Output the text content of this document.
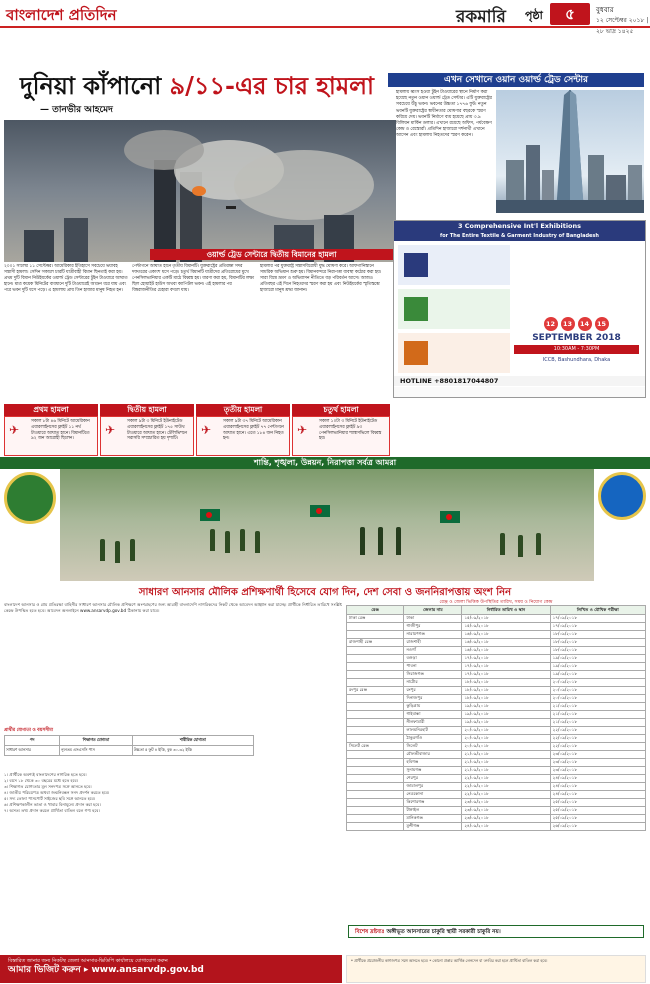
বাংলাদেশ প্রতিদিন	রকমারি পৃষ্ঠা	৫	বুধবার
১২ সেপ্টেম্বর ২০১৮ | ২৮ ভাদ্র ১৪২৫
দুনিয়া কাঁপানো ৯/১১-এর চার হামলা
— তানভীর আহমেদ
এখন সেখানে ওয়ান ওয়ার্ল্ড ট্রেড সেন্টার
হামলায় ধ্বংস হওয়া টুইন টাওয়ারের স্থানে নির্মাণ করা হয়েছে নতুন ওয়ান ওয়ার্ল্ড ট্রেড সেন্টার। এটি যুক্তরাষ্ট্রের সবচেয়ে উঁচু ভবন। ভবনের উচ্চতা ১৭৭৬ ফুট। নতুন ভবনটি যুক্তরাষ্ট্রের স্বাধীনতার ঘোষণার বছরকে স্মরণ করিয়ে দেয়। ভবনটি নির্মাণে ব্যয় হয়েছে প্রায় ৩.৯ বিলিয়ন মার্কিন ডলার। এখানে রয়েছে অফিস, পর্যবেক্ষণ কেন্দ্র ও রেস্তোরাঁ। প্রতিদিন হাজারো দর্শনার্থী এখানে আসেন এবং হামলায় নিহতদের স্মরণ করেন।
ওয়ার্ল্ড ট্রেড সেন্টারে দ্বিতীয় বিমানের হামলা
২০০১ সালের ১১ সেপ্টেম্বর। আমেরিকার ইতিহাসে সবচেয়ে ভয়াবহ সন্ত্রাসী হামলা। সেদিন সকালে চারটি যাত্রীবাহী বিমান ছিনতাই করা হয়। প্রথম দুটি বিমান নিউইয়র্কের ওয়ার্ল্ড ট্রেড সেন্টারের টুইন টাওয়ারে আঘাত হানে। মাত্র কয়েক মিনিটের ব্যবধানে দুটি টাওয়ারেই আগুন ধরে যায় এবং পরে ভবন দুটি ধসে পড়ে। এ হামলায় প্রায় তিন হাজার মানুষ নিহত হন।
পেন্টাগনে আঘাত হানে তৃতীয় বিমানটি। যুক্তরাষ্ট্রের প্রতিরক্ষা সদর দফতরের একাংশ ধসে পড়ে। চতুর্থ বিমানটি যাত্রীদের প্রতিরোধের মুখে পেনসিলভানিয়ার একটি মাঠে বিধ্বস্ত হয়। ধারণা করা হয়, বিমানটির লক্ষ্য ছিল হোয়াইট হাউস অথবা ক্যাপিটল ভবন। এই হামলার পর বিশ্বরাজনীতির চেহারা বদলে যায়।
হামলার পর যুক্তরাষ্ট্র সন্ত্রাসবিরোধী যুদ্ধ ঘোষণা করে। আফগানিস্তানে সামরিক অভিযান শুরু হয়। বিমানবন্দরে নিরাপত্তা ব্যবস্থা কঠোর করা হয়। সারা বিশ্বে ভ্রমণ ও অভিবাসন নীতিতে বড় পরিবর্তন আসে। আজও প্রতিবছর এই দিনে নিহতদের স্মরণ করা হয় এবং নিউইয়র্কের স্মৃতিস্তম্ভে হাজারো মানুষ শ্রদ্ধা জানান।
প্রথম হামলা
✈
সকাল ৮টা ৪৬ মিনিটে আমেরিকান এয়ারলাইনসের ফ্লাইট ১১ নর্থ টাওয়ারে আঘাত হানে। বিমানটিতে ৯২ জন আরোহী ছিলেন।
দ্বিতীয় হামলা
✈
সকাল ৯টা ৩ মিনিটে ইউনাইটেড এয়ারলাইনসের ফ্লাইট ১৭৫ সাউথ টাওয়ারে আঘাত হানে। টেলিভিশনে সরাসরি সম্প্রচারিত হয় দৃশ্যটি।
তৃতীয় হামলা
✈
সকাল ৯টা ৩৭ মিনিটে আমেরিকান এয়ারলাইনসের ফ্লাইট ৭৭ পেন্টাগনে আঘাত হানে। এতে ১৮৪ জন নিহত হন।
চতুর্থ হামলা
✈
সকাল ১০টা ৩ মিনিটে ইউনাইটেড এয়ারলাইনসের ফ্লাইট ৯৩ পেনসিলভানিয়ার শ্যাঙ্কসভিলে বিধ্বস্ত হয়।
3 Comprehensive Int'l Exhibitions
for The Entire Textile & Garment Industry of Bangladesh
12	13	14	15
SEPTEMBER 2018
10:30AM - 7:30PM
ICCB, Bashundhara, Dhaka
HOTLINE +8801817044807
শান্তি, শৃঙ্খলা, উন্নয়ন, নিরাপত্তা সর্বত্র আমরা
সাধারণ আনসার মৌলিক প্রশিক্ষণার্থী হিসেবে যোগ দিন, দেশ সেবা ও জননিরাপত্তায় অংশ নিন
বাংলাদেশ আনসার ও গ্রাম প্রতিরক্ষা বাহিনীর সাধারণ আনসার মৌলিক প্রশিক্ষণে অংশগ্রহণের জন্য আগ্রহী বাংলাদেশি নাগরিকদের নিকট থেকে আবেদন আহ্বান করা যাচ্ছে। প্রার্থীকে নির্ধারিত তারিখে সংশ্লিষ্ট কেন্দ্রে উপস্থিত হতে হবে। আবেদন অনলাইনে www.ansarvdp.gov.bd ঠিকানায় করা যাবে।
প্রার্থীর যোগ্যতা ও বয়সসীমা
পদ	শিক্ষাগত যোগ্যতা	শারীরিক যোগ্যতা
সাধারণ আনসার	ন্যূনতম এসএসসি পাস	উচ্চতা ৫ ফুট ৪ ইঞ্চি, বুক ৩০-৩২ ইঞ্চি
১। প্রার্থীকে অবশ্যই বাংলাদেশের নাগরিক হতে হবে।
২। বয়স ১৮ থেকে ৩০ বছরের মধ্যে হতে হবে।
৩। শিক্ষাগত যোগ্যতার মূল সনদপত্র সঙ্গে আনতে হবে।
৪। জাতীয় পরিচয়পত্র অথবা জন্মনিবন্ধন সনদ প্রদর্শন করতে হবে।
৫। সদ্য তোলা পাসপোর্ট সাইজের ছবি সঙ্গে আনতে হবে।
৬। প্রশিক্ষণকালীন ভাতা ও খাবার বিনামূল্যে প্রদান করা হবে।
৭। অসত্য তথ্য প্রদান করলে প্রার্থিতা বাতিল বলে গণ্য হবে।
রেঞ্জ ও জেলা ভিত্তিক উপস্থিতির তারিখ, সময় ও নিয়োগ কেন্দ্র
রেঞ্জ	জেলার নাম	নির্ধারিত তারিখ ও স্থান	লিখিত ও মৌখিক পরীক্ষা
ঢাকা রেঞ্জ	ঢাকা	১৫/০৯/২০১৮	১৭/০৯/২০১৮
	গাজীপুর	১৫/০৯/২০১৮	১৭/০৯/২০১৮
	নারায়ণগঞ্জ	১৬/০৯/২০১৮	১৮/০৯/২০১৮
রাজশাহী রেঞ্জ	রাজশাহী	১৬/০৯/২০১৮	১৮/০৯/২০১৮
	নওগাঁ	১৬/০৯/২০১৮	১৮/০৯/২০১৮
	বগুড়া	১৭/০৯/২০১৮	১৯/০৯/২০১৮
	পাবনা	১৭/০৯/২০১৮	১৯/০৯/২০১৮
	সিরাজগঞ্জ	১৭/০৯/২০১৮	১৯/০৯/২০১৮
	নাটোর	১৮/০৯/২০১৮	২০/০৯/২০১৮
রংপুর রেঞ্জ	রংপুর	১৮/০৯/২০১৮	২০/০৯/২০১৮
	দিনাজপুর	১৮/০৯/২০১৮	২০/০৯/২০১৮
	কুড়িগ্রাম	১৯/০৯/২০১৮	২১/০৯/২০১৮
	গাইবান্ধা	১৯/০৯/২০১৮	২১/০৯/২০১৮
	নীলফামারী	১৯/০৯/২০১৮	২১/০৯/২০১৮
	লালমনিরহাট	২০/০৯/২০১৮	২২/০৯/২০১৮
	ঠাকুরগাঁও	২০/০৯/২০১৮	২২/০৯/২০১৮
সিলেট রেঞ্জ	সিলেট	২০/০৯/২০১৮	২২/০৯/২০১৮
	মৌলভীবাজার	২১/০৯/২০১৮	২৩/০৯/২০১৮
	হবিগঞ্জ	২১/০৯/২০১৮	২৩/০৯/২০১৮
	সুনামগঞ্জ	২১/০৯/২০১৮	২৩/০৯/২০১৮
	শেরপুর	২২/০৯/২০১৮	২৪/০৯/২০১৮
	জামালপুর	২২/০৯/২০১৮	২৪/০৯/২০১৮
	নেত্রকোনা	২২/০৯/২০১৮	২৪/০৯/২০১৮
	কিশোরগঞ্জ	২৩/০৯/২০১৮	২৫/০৯/২০১৮
	টাঙ্গাইল	২৩/০৯/২০১৮	২৫/০৯/২০১৮
	মানিকগঞ্জ	২৩/০৯/২০১৮	২৫/০৯/২০১৮
	মুন্সীগঞ্জ	২৪/০৯/২০১৮	২৬/০৯/২০১৮
বিশেষ দ্রষ্টব্যঃ অঙ্গীভূত আনসারের চাকুরি স্থায়ী সরকারী চাকুরি নয়।
বিস্তারিত জানার জন্য নিকটস্থ জেলা আনসার-ভিডিপি কার্যালয়ে যোগাযোগ করুন
আমার ভিজিট করুন ▸ www.ansarvdp.gov.bd
* প্রার্থীকে প্রয়োজনীয় কাগজপত্র সঙ্গে আনতে হবে। * কোনো প্রকার আর্থিক লেনদেন বা তদবির করা হলে প্রার্থিতা বাতিল করা হবে।
